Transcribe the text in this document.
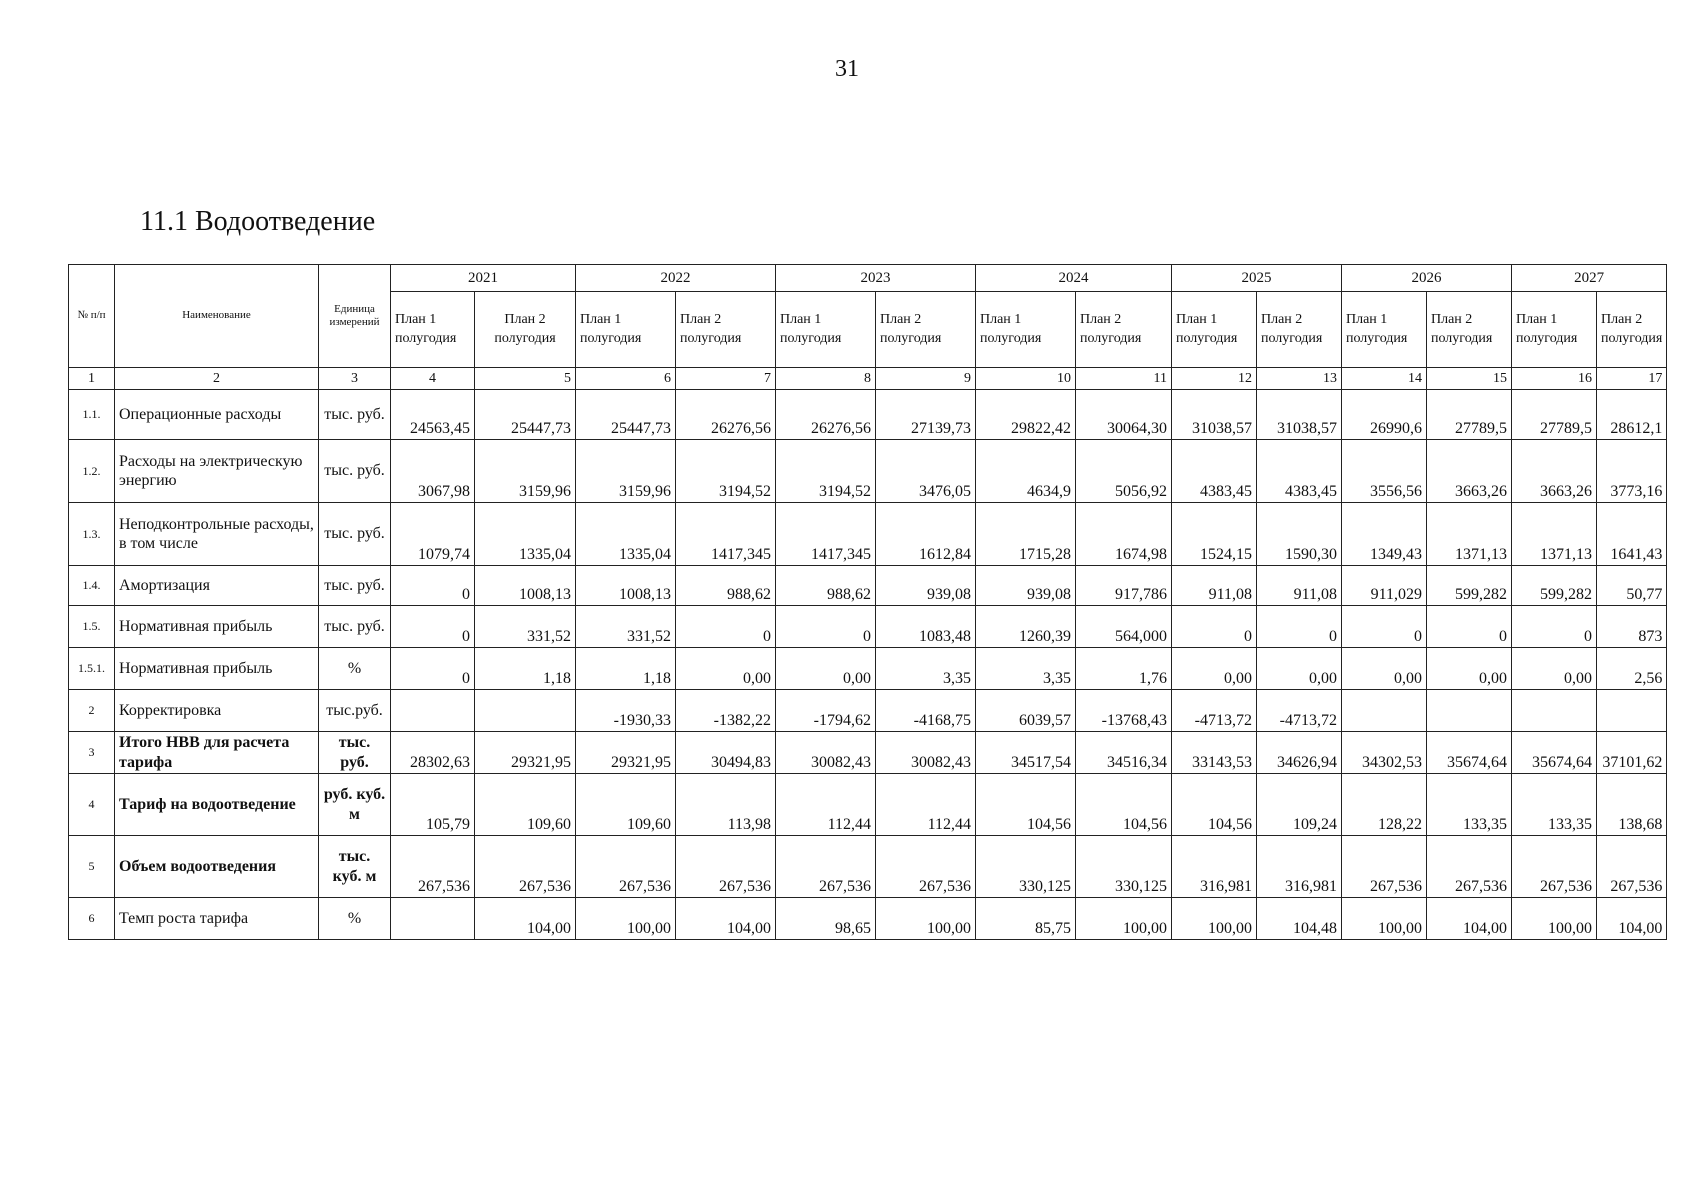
31
11.1 Водоотведение
№ п/п	Наименование	Единица измерений	2021		2022		2023		2024		2025		2026		2027	
			План 1 полугодия	План 2 полугодия	План 1 полугодия	План 2 полугодия	План 1 полугодия	План 2 полугодия	План 1 полугодия	План 2 полугодия	План 1 полугодия	План 2 полугодия	План 1 полугодия	План 2 полугодия	План 1 полугодия	План 2 полугодия
1	2	3	4	5	6	7	8	9	10	11	12	13	14	15	16	17
1.1.	Операционные расходы	тыс. руб.	24563,45	25447,73	25447,73	26276,56	26276,56	27139,73	29822,42	30064,30	31038,57	31038,57	26990,6	27789,5	27789,5	28612,1
1.2.	Расходы на электрическую энергию	тыс. руб.	3067,98	3159,96	3159,96	3194,52	3194,52	3476,05	4634,9	5056,92	4383,45	4383,45	3556,56	3663,26	3663,26	3773,16
1.3.	Неподконтрольные расходы, в том числе	тыс. руб.	1079,74	1335,04	1335,04	1417,345	1417,345	1612,84	1715,28	1674,98	1524,15	1590,30	1349,43	1371,13	1371,13	1641,43
1.4.	Амортизация	тыс. руб.	0	1008,13	1008,13	988,62	988,62	939,08	939,08	917,786	911,08	911,08	911,029	599,282	599,282	50,77
1.5.	Нормативная прибыль	тыс. руб.	0	331,52	331,52	0	0	1083,48	1260,39	564,000	0	0	0	0	0	873
1.5.1.	Нормативная прибыль	%	0	1,18	1,18	0,00	0,00	3,35	3,35	1,76	0,00	0,00	0,00	0,00	0,00	2,56
2	Корректировка	тыс.руб.			-1930,33	-1382,22	-1794,62	-4168,75	6039,57	-13768,43	-4713,72	-4713,72				
3	Итого НВВ для расчета тарифа	тыс. руб.	28302,63	29321,95	29321,95	30494,83	30082,43	30082,43	34517,54	34516,34	33143,53	34626,94	34302,53	35674,64	35674,64	37101,62
4	Тариф на водоотведение	руб. куб. м	105,79	109,60	109,60	113,98	112,44	112,44	104,56	104,56	104,56	109,24	128,22	133,35	133,35	138,68
5	Объем водоотведения	тыс. куб. м	267,536	267,536	267,536	267,536	267,536	267,536	330,125	330,125	316,981	316,981	267,536	267,536	267,536	267,536
6	Темп роста тарифа	%		104,00	100,00	104,00	98,65	100,00	85,75	100,00	100,00	104,48	100,00	104,00	100,00	104,00
